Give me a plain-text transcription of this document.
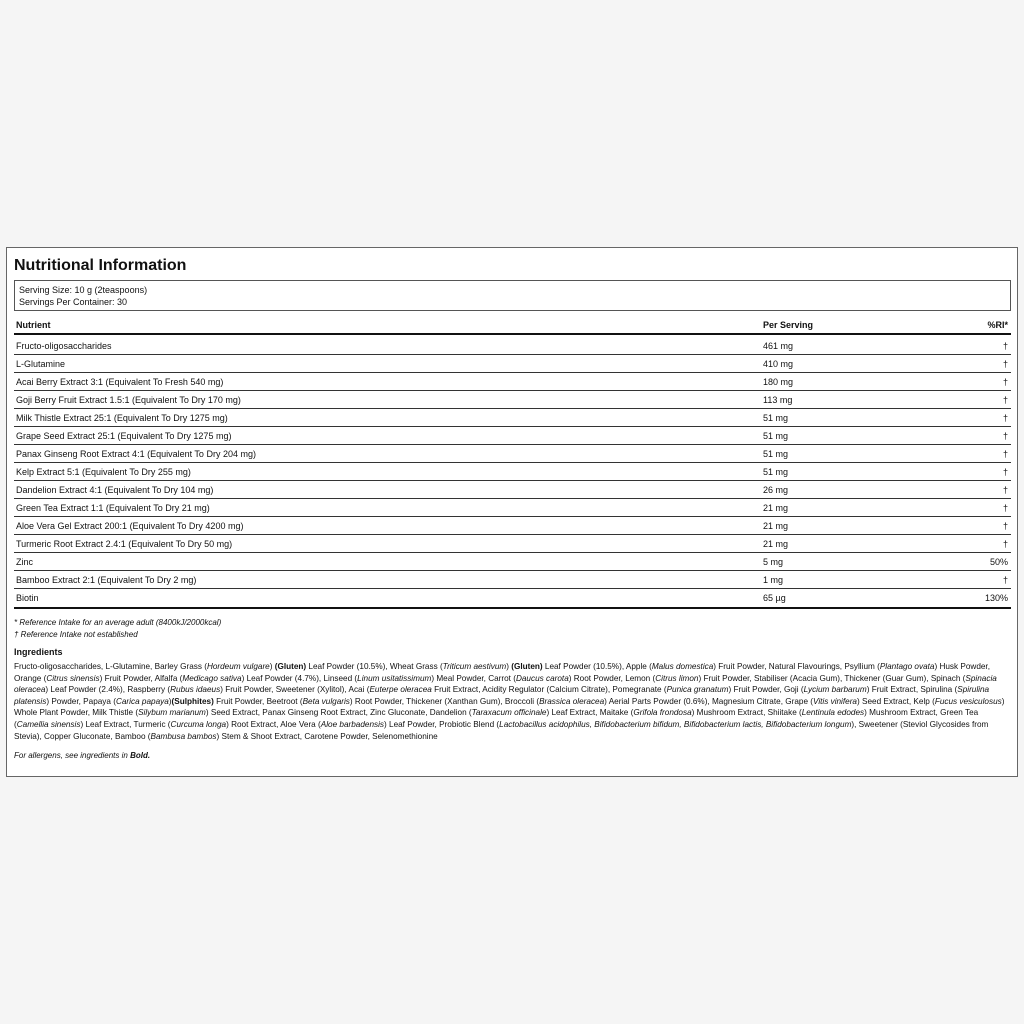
Nutritional Information
Serving Size: 10 g (2teaspoons)
Servings Per Container: 30
Nutrient	Per Serving	%RI*
Fructo-oligosaccharides	461 mg	†
L-Glutamine	410 mg	†
Acai Berry Extract 3:1 (Equivalent To Fresh 540 mg)	180 mg	†
Goji Berry Fruit Extract 1.5:1 (Equivalent To Dry 170 mg)	113 mg	†
Milk Thistle Extract 25:1 (Equivalent To Dry 1275 mg)	51 mg	†
Grape Seed Extract 25:1 (Equivalent To Dry 1275 mg)	51 mg	†
Panax Ginseng Root Extract 4:1 (Equivalent To Dry 204 mg)	51 mg	†
Kelp Extract 5:1 (Equivalent To Dry 255 mg)	51 mg	†
Dandelion Extract 4:1 (Equivalent To Dry 104 mg)	26 mg	†
Green Tea Extract 1:1 (Equivalent To Dry 21 mg)	21 mg	†
Aloe Vera Gel Extract 200:1 (Equivalent To Dry 4200 mg)	21 mg	†
Turmeric Root Extract 2.4:1 (Equivalent To Dry 50 mg)	21 mg	†
Zinc	5 mg	50%
Bamboo Extract 2:1 (Equivalent To Dry 2 mg)	1 mg	†
Biotin	65 µg	130%
* Reference Intake for an average adult (8400kJ/2000kcal)
† Reference Intake not established
Ingredients
Fructo-oligosaccharides, L-Glutamine, Barley Grass (Hordeum vulgare) (Gluten) Leaf Powder (10.5%), Wheat Grass (Triticum aestivum) (Gluten) Leaf Powder (10.5%), Apple (Malus domestica) Fruit Powder, Natural Flavourings, Psyllium (Plantago ovata) Husk Powder, Orange (Citrus sinensis) Fruit Powder, Alfalfa (Medicago sativa) Leaf Powder (4.7%), Linseed (Linum usitatissimum) Meal Powder, Carrot (Daucus carota) Root Powder, Lemon (Citrus limon) Fruit Powder, Stabiliser (Acacia Gum), Thickener (Guar Gum), Spinach (Spinacia oleracea) Leaf Powder (2.4%), Raspberry (Rubus idaeus) Fruit Powder, Sweetener (Xylitol), Acai (Euterpe oleracea Fruit Extract, Acidity Regulator (Calcium Citrate), Pomegranate (Punica granatum) Fruit Powder, Goji (Lycium barbarum) Fruit Extract, Spirulina (Spirulina platensis) Powder, Papaya (Carica papaya)(Sulphites) Fruit Powder, Beetroot (Beta vulgaris) Root Powder, Thickener (Xanthan Gum), Broccoli (Brassica oleracea) Aerial Parts Powder (0.6%), Magnesium Citrate, Grape (Vitis vinifera) Seed Extract, Kelp (Fucus vesiculosus) Whole Plant Powder, Milk Thistle (Silybum marianum) Seed Extract, Panax Ginseng Root Extract, Zinc Gluconate, Dandelion (Taraxacum officinale) Leaf Extract, Maitake (Grifola frondosa) Mushroom Extract, Shiitake (Lentinula edodes) Mushroom Extract, Green Tea (Camellia sinensis) Leaf Extract, Turmeric (Curcuma longa) Root Extract, Aloe Vera (Aloe barbadensis) Leaf Powder, Probiotic Blend (Lactobacillus acidophilus, Bifidobacterium bifidum, Bifidobacterium lactis, Bifidobacterium longum), Sweetener (Steviol Glycosides from Stevia), Copper Gluconate, Bamboo (Bambusa bambos) Stem & Shoot Extract, Carotene Powder, Selenomethionine
For allergens, see ingredients in Bold.
